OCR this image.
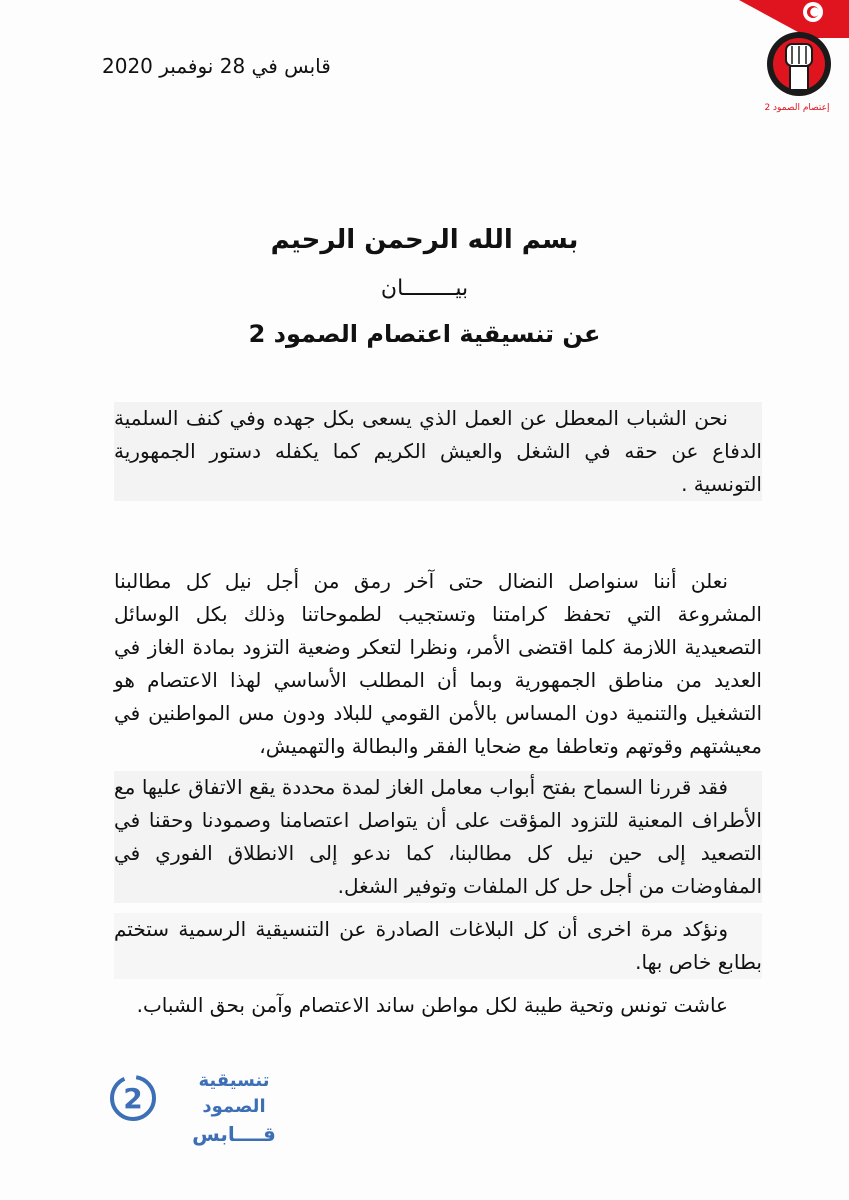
قابس في 28 نوفمبر 2020
إعتصام الصمود 2
بسم الله الرحمن الرحيم
بيــــــــان
عن تنسيقية اعتصام الصمود 2

نحن الشباب المعطل عن العمل الذي يسعى بكل جهده وفي كنف السلمية الدفاع عن حقه في الشغل والعيش الكريم كما يكفله دستور الجمهورية التونسية .

نعلن أننا سنواصل النضال حتى آخر رمق من أجل نيل كل مطالبنا المشروعة التي تحفظ كرامتنا وتستجيب لطموحاتنا وذلك بكل الوسائل التصعيدية اللازمة كلما اقتضى الأمر، ونظرا لتعكر وضعية التزود بمادة الغاز في العديد من مناطق الجمهورية وبما أن المطلب الأساسي لهذا الاعتصام هو التشغيل والتنمية دون المساس بالأمن القومي للبلاد ودون مس المواطنين في معيشتهم وقوتهم وتعاطفا مع ضحايا الفقر والبطالة والتهميش،

فقد قررنا السماح بفتح أبواب معامل الغاز لمدة محددة يقع الاتفاق عليها مع الأطراف المعنية للتزود المؤقت على أن يتواصل اعتصامنا وصمودنا وحقنا في التصعيد إلى حين نيل كل مطالبنا، كما ندعو إلى الانطلاق الفوري في المفاوضات من أجل حل كل الملفات وتوفير الشغل.

ونؤكد مرة اخرى أن كل البلاغات الصادرة عن التنسيقية الرسمية ستختم بطابع خاص بها.

عاشت تونس وتحية طيبة لكل مواطن ساند الاعتصام وآمن بحق الشباب.

2
تنسيقية الصمود
قــــابس
